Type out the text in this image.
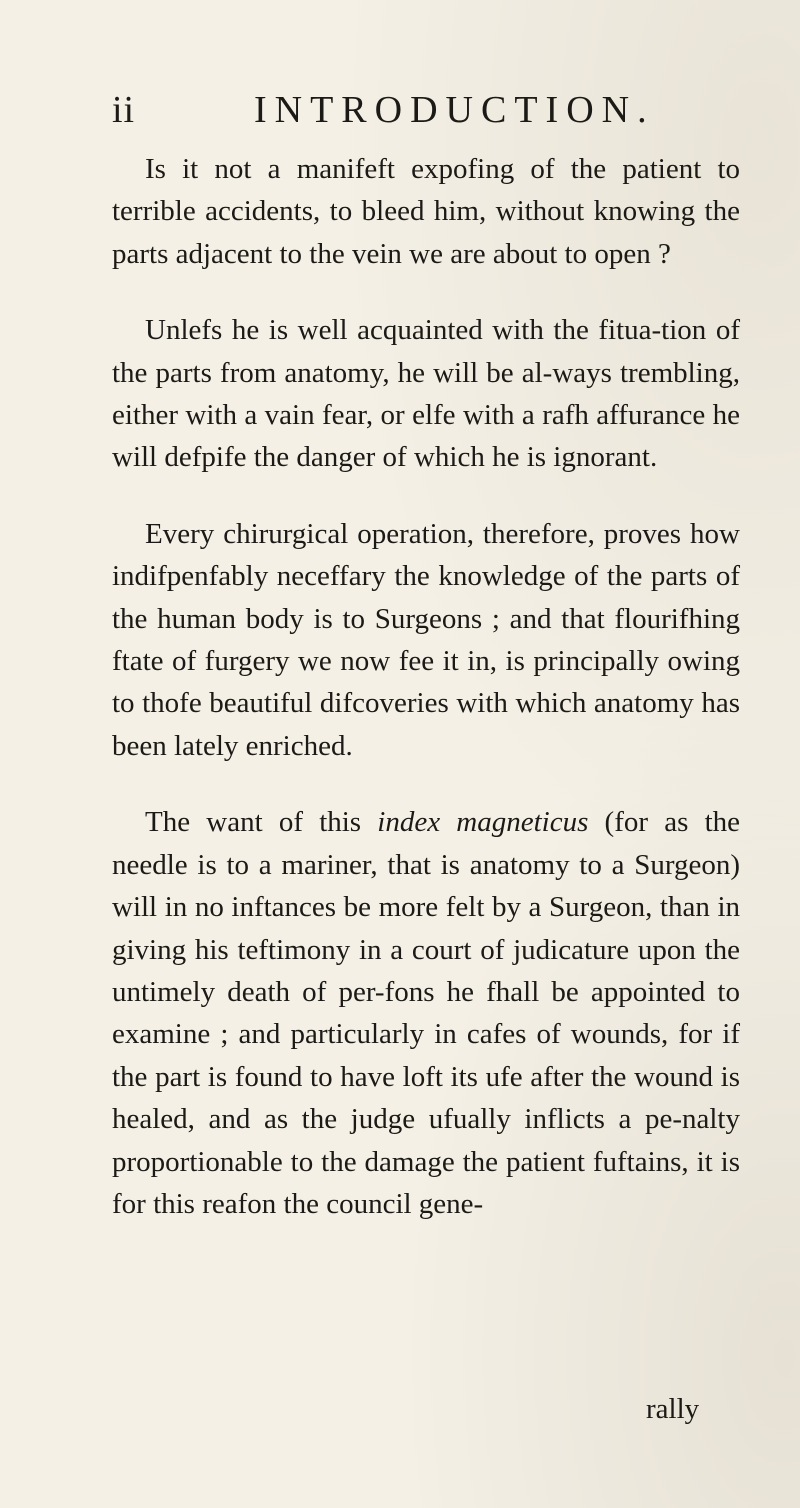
ii	INTRODUCTION.

Is it not a manifeft expofing of the patient to terrible accidents, to bleed him, without knowing the parts adjacent to the vein we are about to open ?

Unlefs he is well acquainted with the fitua-tion of the parts from anatomy, he will be al-ways trembling, either with a vain fear, or elfe with a rafh affurance he will defpife the danger of which he is ignorant.

Every chirurgical operation, therefore, proves how indifpenfably neceffary the knowledge of the parts of the human body is to Surgeons ; and that flourifhing ftate of furgery we now fee it in, is principally owing to thofe beautiful difcoveries with which anatomy has been lately enriched.

The want of this index magneticus (for as the needle is to a mariner, that is anatomy to a Surgeon) will in no inftances be more felt by a Surgeon, than in giving his teftimony in a court of judicature upon the untimely death of per-fons he fhall be appointed to examine ; and particularly in cafes of wounds, for if the part is found to have loft its ufe after the wound is healed, and as the judge ufually inflicts a pe-nalty proportionable to the damage the patient fuftains, it is for this reafon the council gene-

rally
